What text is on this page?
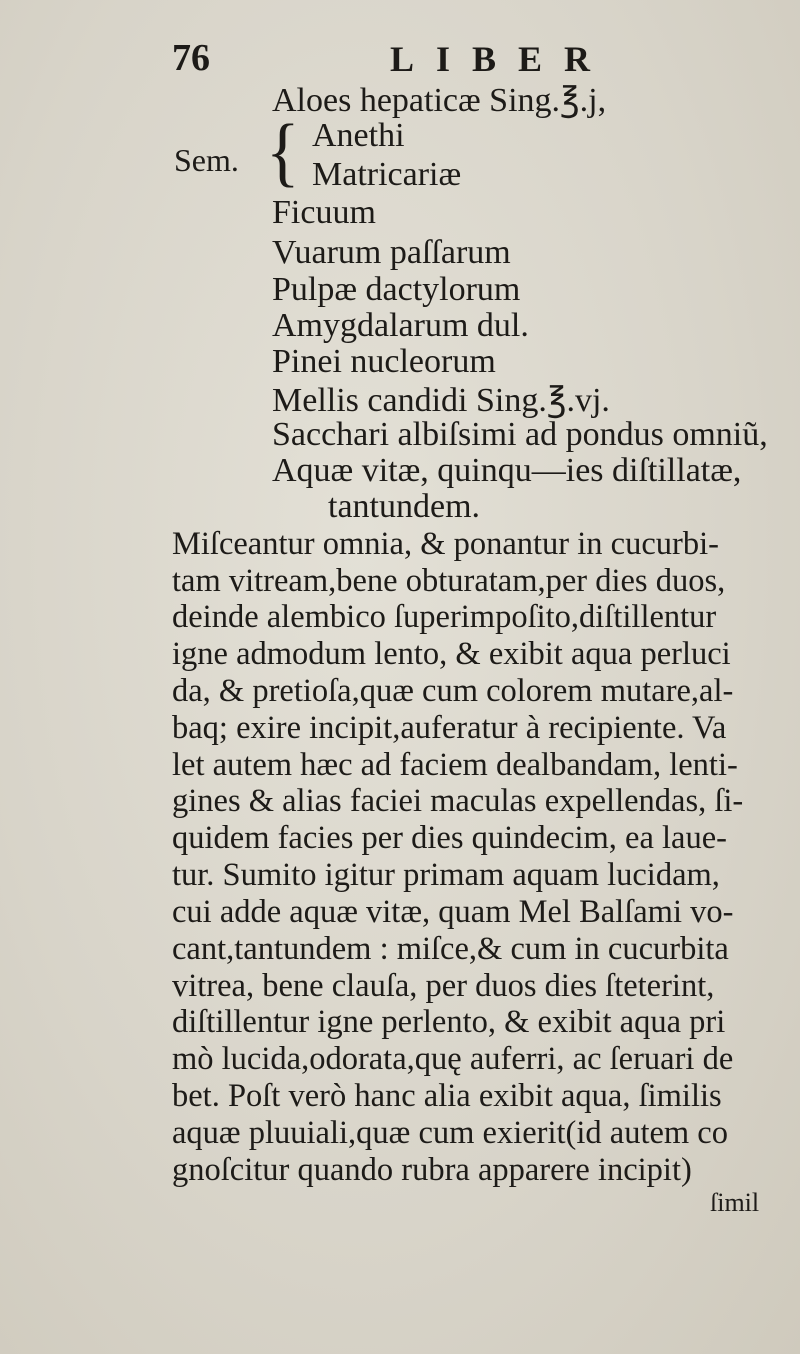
76	LIBER
Sem. {
Aloes hepaticæ Sing.℥.j,
Anethi
Matricariæ
Ficuum
Vuarum paſſarum
Pulpæ dactylorum
Amygdalarum dul.
Pinei nucleorum
Mellis candidi Sing.℥.vj.
Sacchari albiſsimi ad pondus omniũ,
Aquæ vitæ, quinqu—ies diſtillatæ,
tantundem.
Miſceantur omnia, & ponantur in cucurbi-
tam vitream,bene obturatam,per dies duos,
deinde alembico ſuperimpoſito,diſtillentur
igne admodum lento, & exibit aqua perluci
da, & pretioſa,quæ cum colorem mutare,al-
baq; exire incipit,auferatur à recipiente. Va
let autem hæc ad faciem dealbandam, lenti-
gines & alias faciei maculas expellendas, ſi-
quidem facies per dies quindecim, ea laue-
tur. Sumito igitur primam aquam lucidam,
cui adde aquæ vitæ, quam Mel Balſami vo-
cant,tantundem : miſce,& cum in cucurbita
vitrea, bene clauſa, per duos dies ſteterint,
diſtillentur igne perlento, & exibit aqua pri
mò lucida,odorata,quę auferri, ac ſeruari de
bet. Poſt verò hanc alia exibit aqua, ſimilis
aquæ pluuiali,quæ cum exierit(id autem co
gnoſcitur quando rubra apparere incipit)
ſimil
